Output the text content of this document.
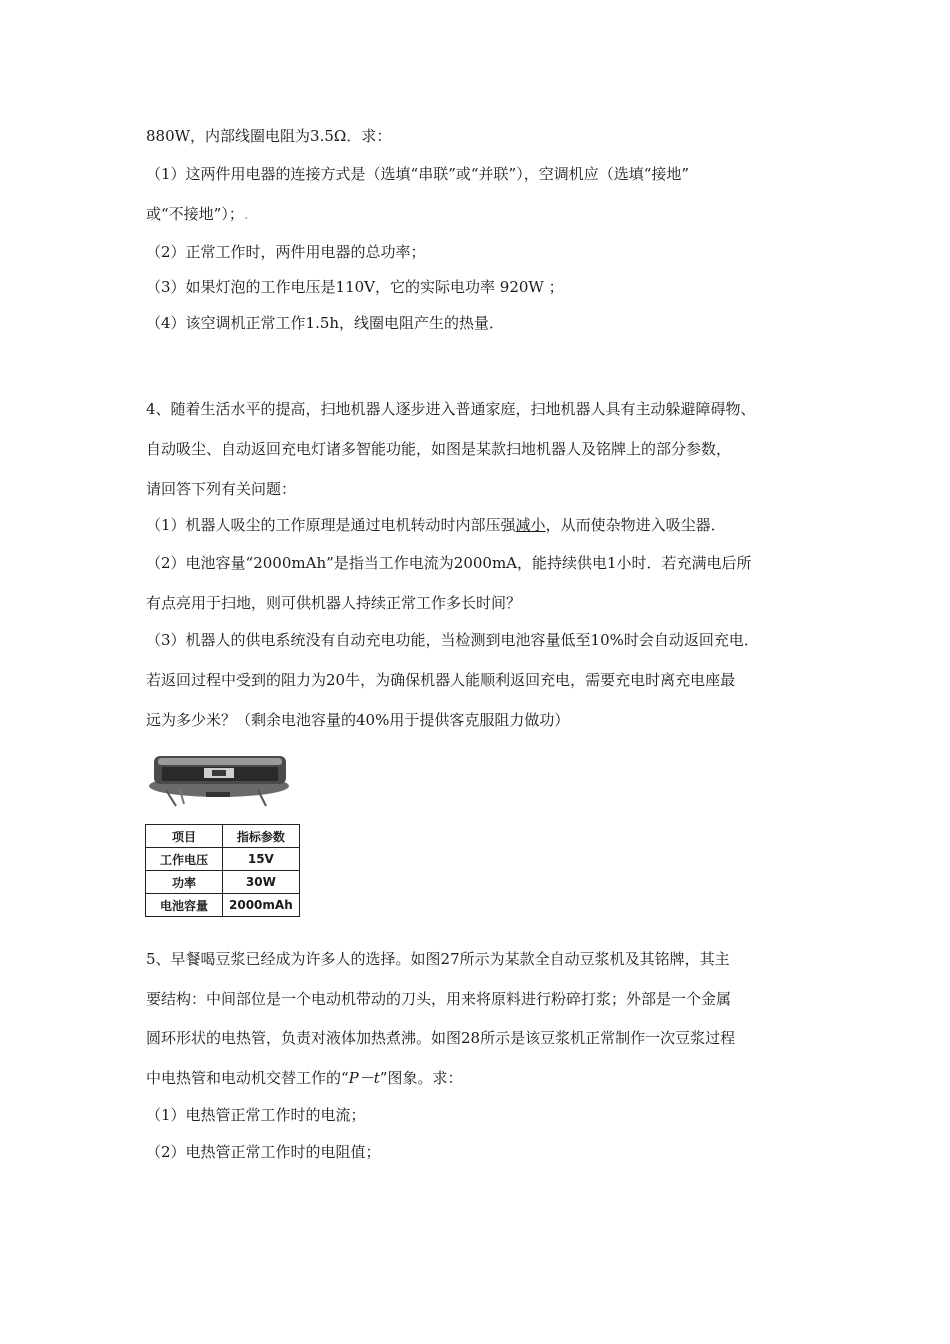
880W，内部线圈电阻为3.5Ω．求：
（1）这两件用电器的连接方式是（选填“串联”或“并联”），空调机应（选填“接地”
或“不接地”）；.
（2）正常工作时，两件用电器的总功率；
（3）如果灯泡的工作电压是110V，它的实际电功率 920W ；
（4）该空调机正常工作1.5h，线圈电阻产生的热量．
4、随着生活水平的提高，扫地机器人逐步进入普通家庭，扫地机器人具有主动躲避障碍物、
自动吸尘、自动返回充电灯诸多智能功能，如图是某款扫地机器人及铭牌上的部分参数，
请回答下列有关问题：
（1）机器人吸尘的工作原理是通过电机转动时内部压强减小，从而使杂物进入吸尘器．
（2）电池容量“2000mAh”是指当工作电流为2000mA，能持续供电1小时．若充满电后所
有点亮用于扫地，则可供机器人持续正常工作多长时间？
（3）机器人的供电系统没有自动充电功能，当检测到电池容量低至10%时会自动返回充电．
若返回过程中受到的阻力为20牛，为确保机器人能顺利返回充电，需要充电时离充电座最
远为多少米？（剩余电池容量的40%用于提供客克服阻力做功）
项目	指标参数
工作电压	15V
功率	30W
电池容量	2000mAh
5、早餐喝豆浆已经成为许多人的选择。如图27所示为某款全自动豆浆机及其铭牌，其主
要结构：中间部位是一个电动机带动的刀头，用来将原料进行粉碎打浆；外部是一个金属
圆环形状的电热管，负责对液体加热煮沸。如图28所示是该豆浆机正常制作一次豆浆过程
中电热管和电动机交替工作的“P－t”图象。求：
（1）电热管正常工作时的电流；
（2）电热管正常工作时的电阻值；
